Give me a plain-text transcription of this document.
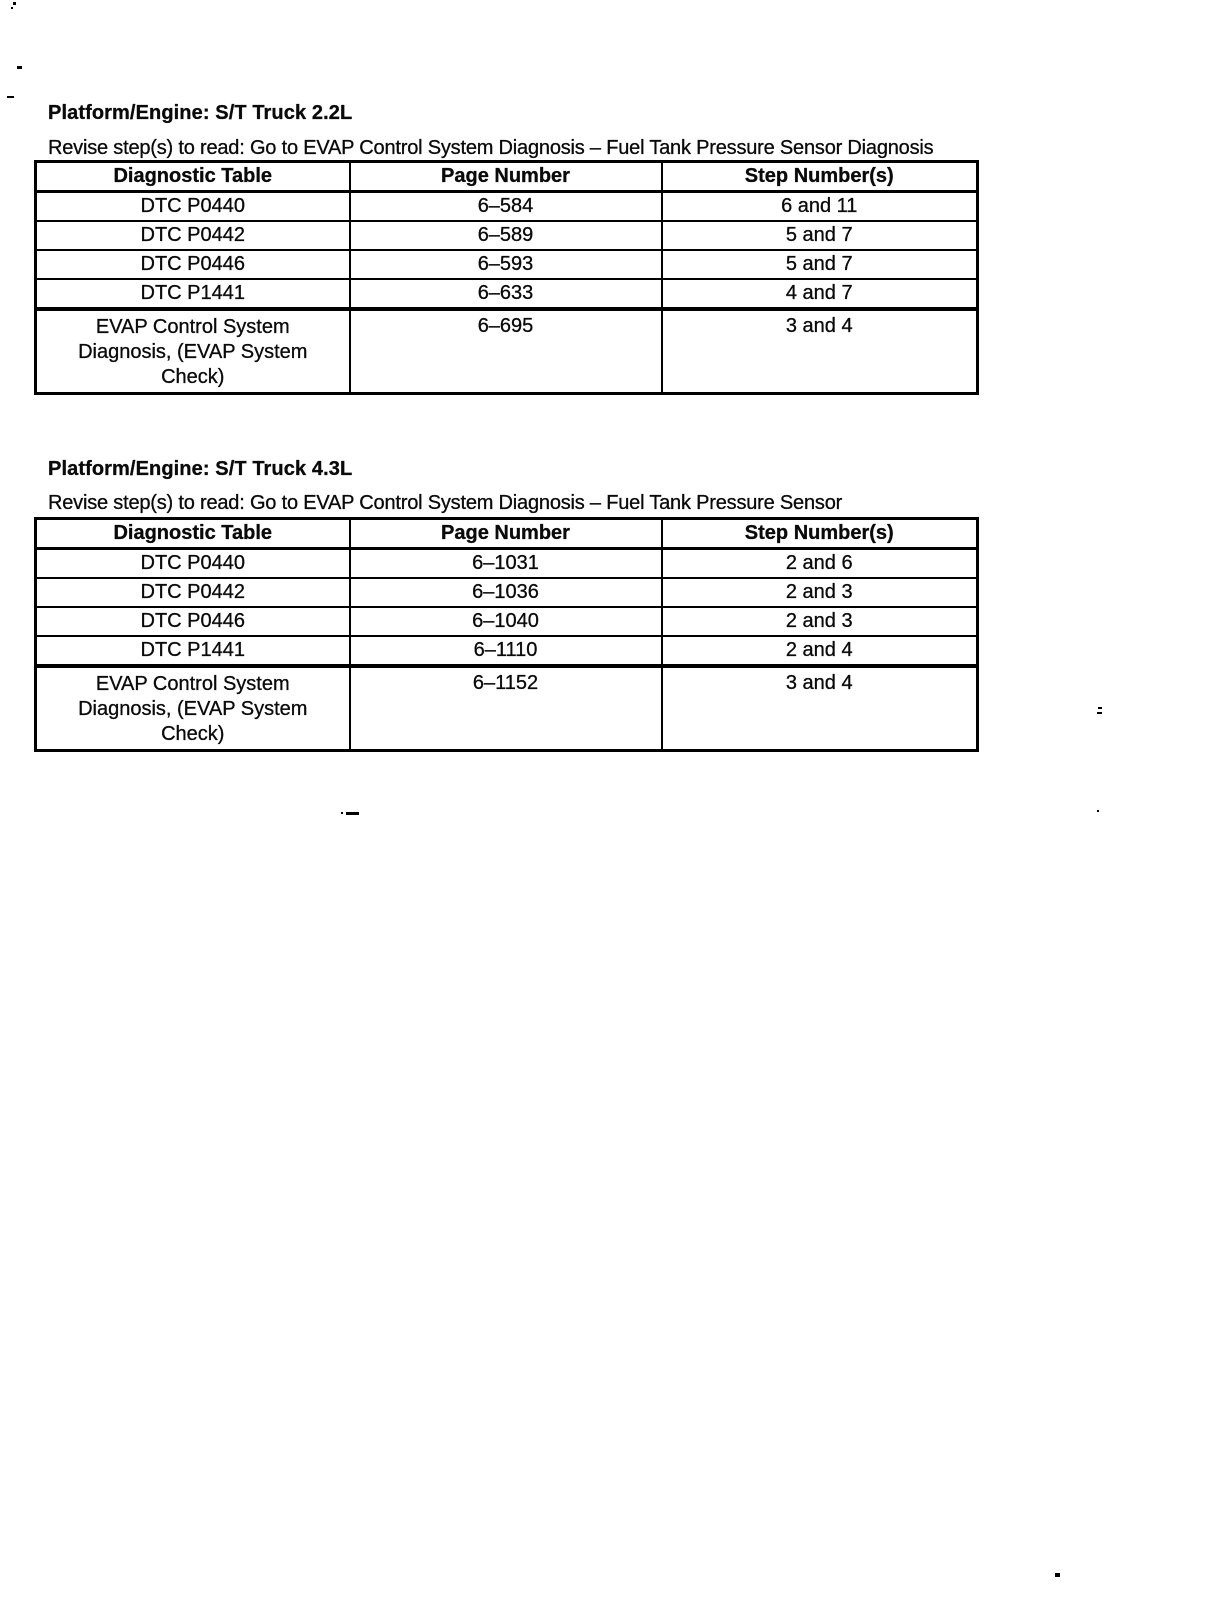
Platform/Engine: S/T Truck 2.2L

Revise step(s) to read: Go to EVAP Control System Diagnosis – Fuel Tank Pressure Sensor Diagnosis

Diagnostic Table	Page Number	Step Number(s)
DTC P0440	6–584	6 and 11
DTC P0442	6–589	5 and 7
DTC P0446	6–593	5 and 7
DTC P1441	6–633	4 and 7
EVAP Control System Diagnosis, (EVAP System Check)	6–695	3 and 4
Platform/Engine: S/T Truck 4.3L

Revise step(s) to read: Go to EVAP Control System Diagnosis – Fuel Tank Pressure Sensor

Diagnostic Table	Page Number	Step Number(s)
DTC P0440	6–1031	2 and 6
DTC P0442	6–1036	2 and 3
DTC P0446	6–1040	2 and 3
DTC P1441	6–1110	2 and 4
EVAP Control System Diagnosis, (EVAP System Check)	6–1152	3 and 4
